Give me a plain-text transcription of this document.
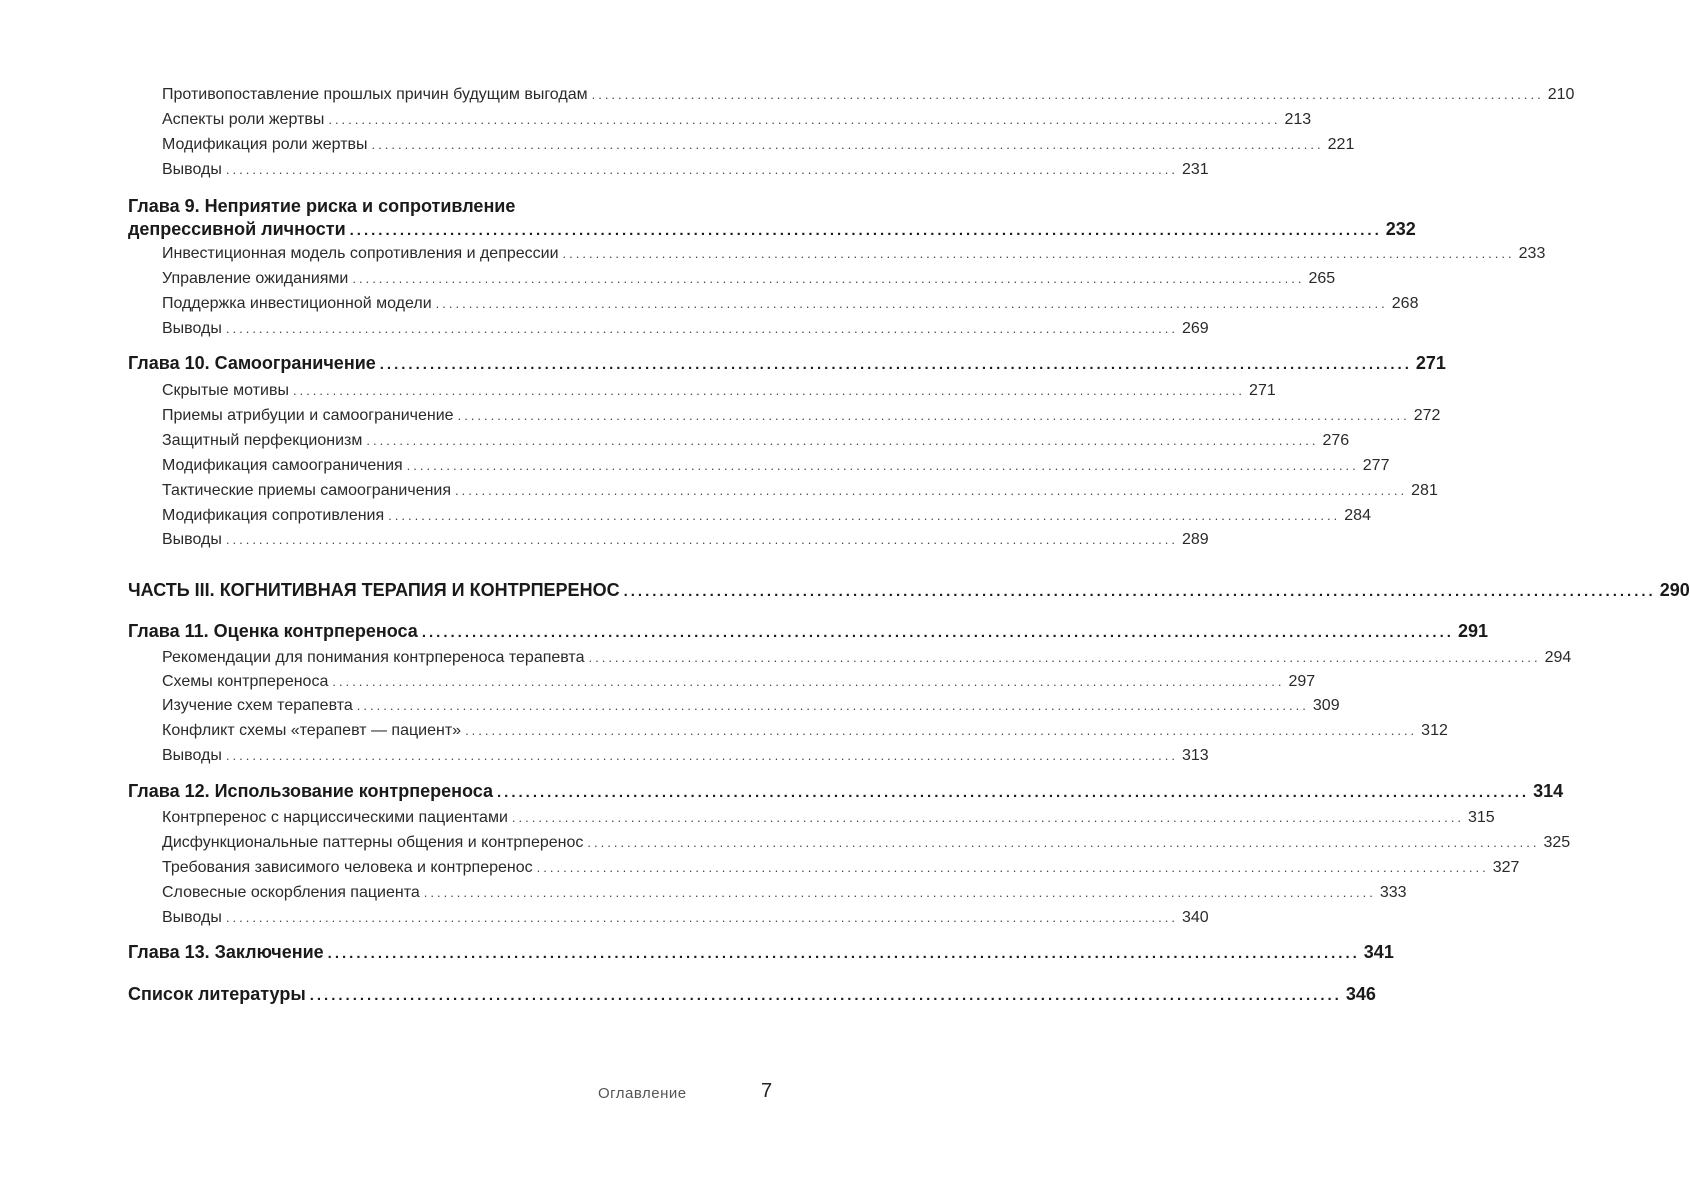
Противопоставление прошлых причин будущим выгодам ................................................................................................................................................ 210
Аспекты роли жертвы ................................................................................................................................................ 213
Модификация роли жертвы ................................................................................................................................................ 221
Выводы ................................................................................................................................................ 231
Глава 9. Неприятие риска и сопротивление
депрессивной личности ................................................................................................................................................ 232
Инвестиционная модель сопротивления и депрессии ................................................................................................................................................ 233
Управление ожиданиями ................................................................................................................................................ 265
Поддержка инвестиционной модели ................................................................................................................................................ 268
Выводы ................................................................................................................................................ 269
Глава 10. Самоограничение ................................................................................................................................................ 271
Скрытые мотивы ................................................................................................................................................ 271
Приемы атрибуции и самоограничение ................................................................................................................................................ 272
Защитный перфекционизм ................................................................................................................................................ 276
Модификация самоограничения ................................................................................................................................................ 277
Тактические приемы самоограничения ................................................................................................................................................ 281
Модификация сопротивления ................................................................................................................................................ 284
Выводы ................................................................................................................................................ 289
ЧАСТЬ III. КОГНИТИВНАЯ ТЕРАПИЯ И КОНТРПЕРЕНОС ................................................................................................................................................ 290
Глава 11. Оценка контрпереноса ................................................................................................................................................ 291
Рекомендации для понимания контрпереноса терапевта ................................................................................................................................................ 294
Схемы контрпереноса ................................................................................................................................................ 297
Изучение схем терапевта ................................................................................................................................................ 309
Конфликт схемы «терапевт — пациент» ................................................................................................................................................ 312
Выводы ................................................................................................................................................ 313
Глава 12. Использование контрпереноса ................................................................................................................................................ 314
Контрперенос с нарциссическими пациентами ................................................................................................................................................ 315
Дисфункциональные паттерны общения и контрперенос ................................................................................................................................................ 325
Требования зависимого человека и контрперенос ................................................................................................................................................ 327
Словесные оскорбления пациента ................................................................................................................................................ 333
Выводы ................................................................................................................................................ 340
Глава 13. Заключение ................................................................................................................................................ 341
Список литературы ................................................................................................................................................ 346
Оглавление	7
